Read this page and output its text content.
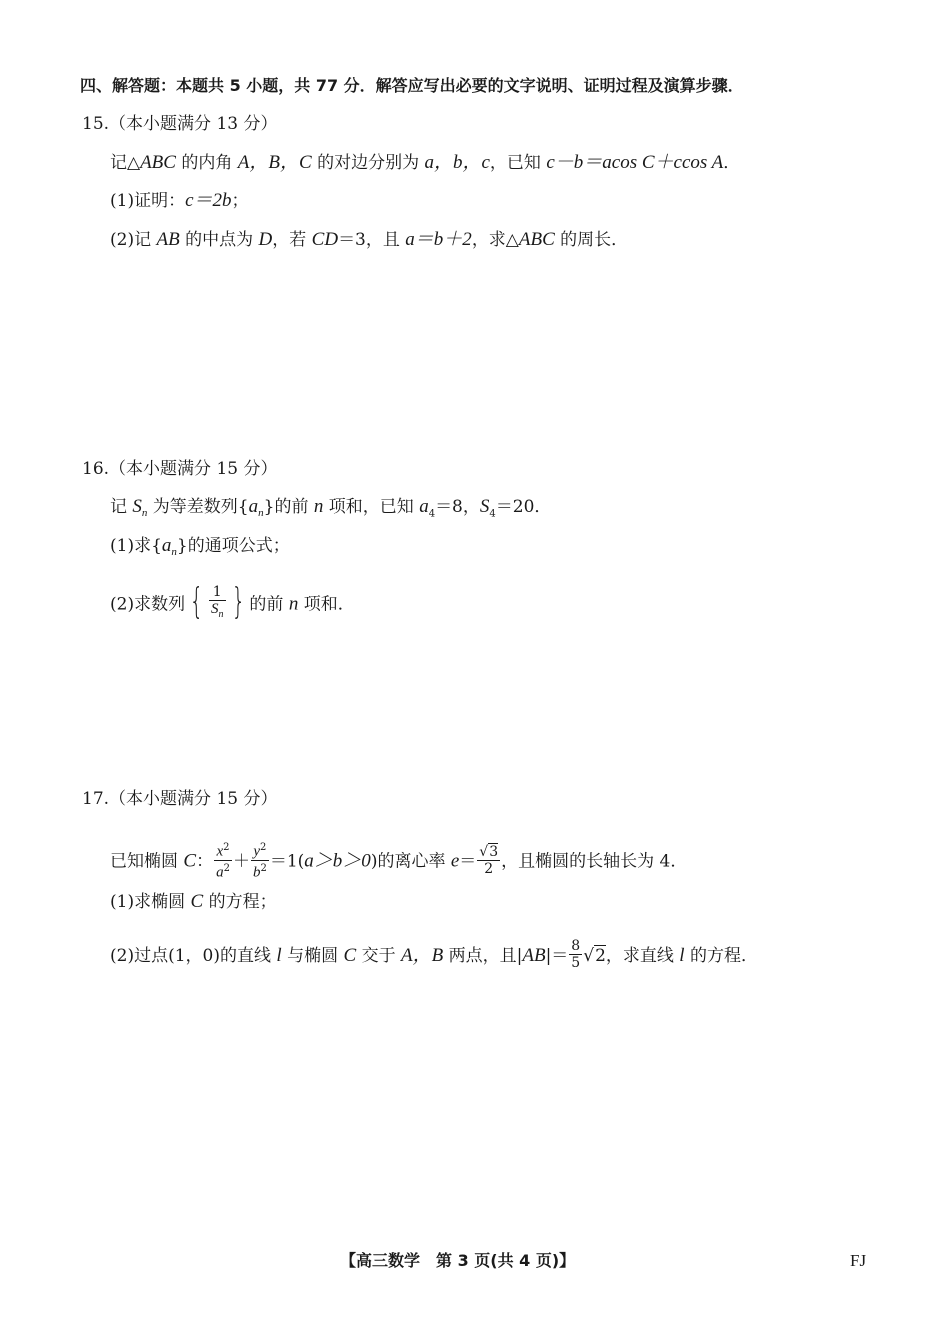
四、解答题：本题共 5 小题，共 77 分．解答应写出必要的文字说明、证明过程及演算步骤．
15.（本小题满分 13 分）
记△ABC 的内角 A，B，C 的对边分别为 a，b，c，已知 c－b＝acos C＋ccos A．
(1)证明：c＝2b；
(2)记 AB 的中点为 D，若 CD＝3，且 a＝b＋2，求△ABC 的周长．
16.（本小题满分 15 分）
记 $S_n$ 为等差数列$\{a_n\}$的前 n 项和，已知 $a_4=8$，$S_4=20$．
(1)求$\{a_n\}$的通项公式；
(2)求数列 { $\frac{1}{S_n}$ } 的前 n 项和．
17.（本小题满分 15 分）
已知椭圆 C： $\frac{x^2}{a^2} + \frac{y^2}{b^2} =1(a>b>0)$的离心率 $e= \frac{√3}{2}$ ，且椭圆的长轴长为 4．
(1)求椭圆 C 的方程；
(2)过点(1，0)的直线 l 与椭圆 C 交于 A，B 两点，且$|AB|= \frac{8}{5} √2$，求直线 l 的方程．
【高三数学　第 3 页(共 4 页)】	FJ
